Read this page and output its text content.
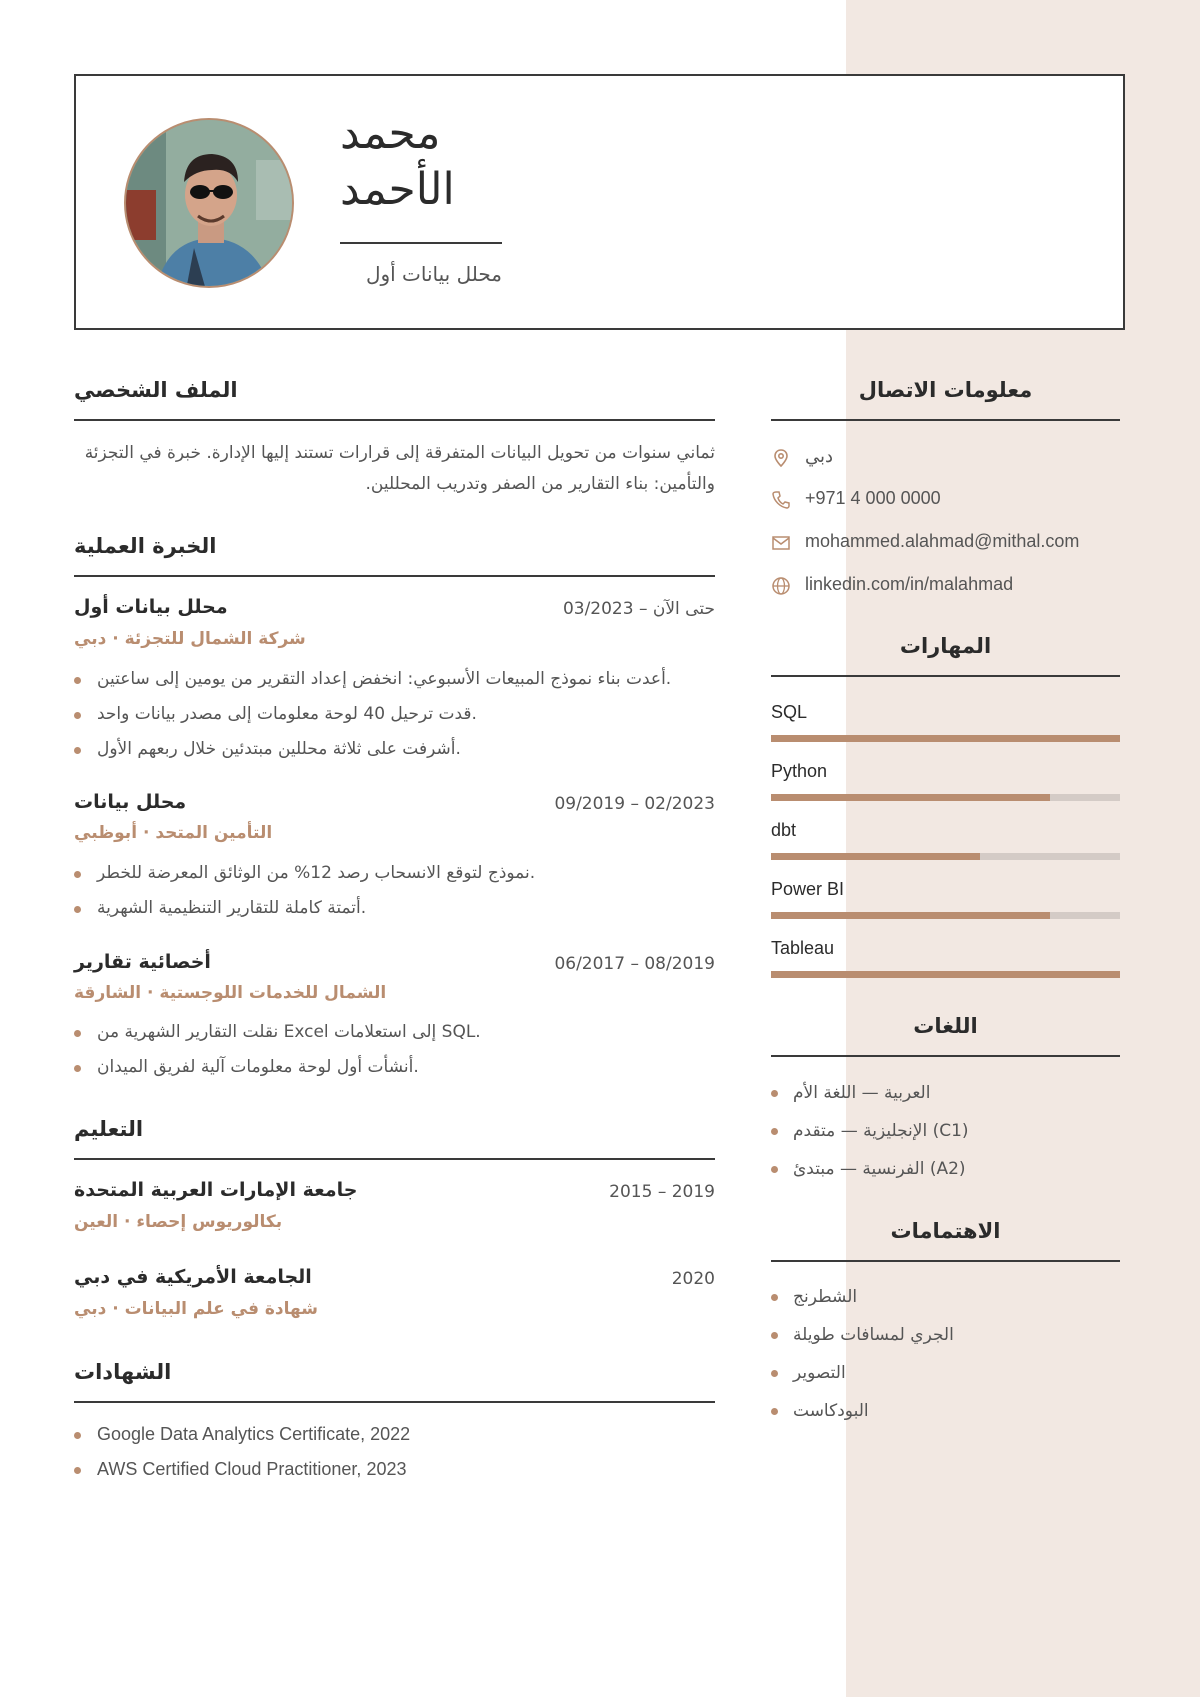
محمد
الأحمد
محلل بيانات أول
الملف الشخصي
ثماني سنوات من تحويل البيانات المتفرقة إلى قرارات تستند إليها الإدارة. خبرة في التجزئة والتأمين: بناء التقارير من الصفر وتدريب المحللين.
الخبرة العملية
محلل بيانات أول	03/2023 – حتى الآن
شركة الشمال للتجزئة · دبي
أعدت بناء نموذج المبيعات الأسبوعي: انخفض إعداد التقرير من يومين إلى ساعتين.
قدت ترحيل 40 لوحة معلومات إلى مصدر بيانات واحد.
أشرفت على ثلاثة محللين مبتدئين خلال ربعهم الأول.
محلل بيانات	09/2019 – 02/2023
التأمين المتحد · أبوظبي
نموذج لتوقع الانسحاب رصد 12% من الوثائق المعرضة للخطر.
أتمتة كاملة للتقارير التنظيمية الشهرية.
أخصائية تقارير	06/2017 – 08/2019
الشمال للخدمات اللوجستية · الشارقة
نقلت التقارير الشهرية من Excel إلى استعلامات SQL.
أنشأت أول لوحة معلومات آلية لفريق الميدان.
التعليم
جامعة الإمارات العربية المتحدة	2015 – 2019
بكالوريوس إحصاء · العين
الجامعة الأمريكية في دبي	2020
شهادة في علم البيانات · دبي
الشهادات
Google Data Analytics Certificate, 2022
AWS Certified Cloud Practitioner, 2023
معلومات الاتصال
دبي
+971 4 000 0000
mohammed.alahmad@mithal.com
linkedin.com/in/malahmad
المهارات
SQL
Python
dbt
Power BI
Tableau
اللغات
العربية — اللغة الأم
الإنجليزية — متقدم (C1)
الفرنسية — مبتدئ (A2)
الاهتمامات
الشطرنج
الجري لمسافات طويلة
التصوير
البودكاست
